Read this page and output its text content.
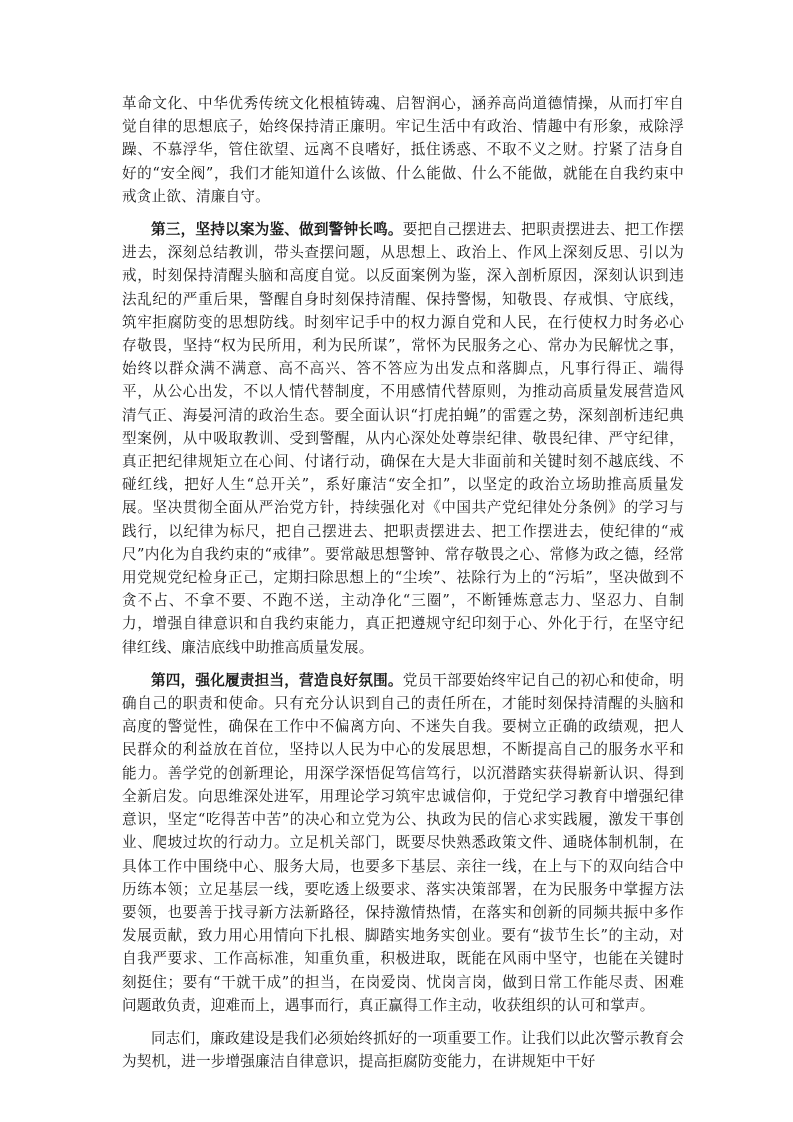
革命文化、中华优秀传统文化根植铸魂、启智润心，涵养高尚道德情操，从而打牢自觉自律的思想底子，始终保持清正廉明。牢记生活中有政治、情趣中有形象，戒除浮躁、不慕浮华，管住欲望、远离不良嗜好，抵住诱惑、不取不义之财。拧紧了洁身自好的“安全阀”，我们才能知道什么该做、什么能做、什么不能做，就能在自我约束中戒贪止欲、清廉自守。

第三，坚持以案为鉴、做到警钟长鸣。要把自己摆进去、把职责摆进去、把工作摆进去，深刻总结教训，带头查摆问题，从思想上、政治上、作风上深刻反思、引以为戒，时刻保持清醒头脑和高度自觉。以反面案例为鉴，深入剖析原因，深刻认识到违法乱纪的严重后果，警醒自身时刻保持清醒、保持警惕，知敬畏、存戒惧、守底线，筑牢拒腐防变的思想防线。时刻牢记手中的权力源自党和人民，在行使权力时务必心存敬畏，坚持“权为民所用，利为民所谋”，常怀为民服务之心、常办为民解忧之事，始终以群众满不满意、高不高兴、答不答应为出发点和落脚点，凡事行得正、端得平，从公心出发，不以人情代替制度，不用感情代替原则，为推动高质量发展营造风清气正、海晏河清的政治生态。要全面认识“打虎拍蝇”的雷霆之势，深刻剖析违纪典型案例，从中吸取教训、受到警醒，从内心深处处尊崇纪律、敬畏纪律、严守纪律，真正把纪律规矩立在心间、付诸行动，确保在大是大非面前和关键时刻不越底线、不碰红线，把好人生“总开关”，系好廉洁“安全扣”，以坚定的政治立场助推高质量发展。坚决贯彻全面从严治党方针，持续强化对《中国共产党纪律处分条例》的学习与践行，以纪律为标尺，把自己摆进去、把职责摆进去、把工作摆进去，使纪律的“戒尺”内化为自我约束的“戒律”。要常敲思想警钟、常存敬畏之心、常修为政之德，经常用党规党纪检身正己，定期扫除思想上的“尘埃”、祛除行为上的“污垢”，坚决做到不贪不占、不拿不要、不跑不送，主动净化“三圈”，不断锤炼意志力、坚忍力、自制力，增强自律意识和自我约束能力，真正把遵规守纪印刻于心、外化于行，在坚守纪律红线、廉洁底线中助推高质量发展。

第四，强化履责担当，营造良好氛围。党员干部要始终牢记自己的初心和使命，明确自己的职责和使命。只有充分认识到自己的责任所在，才能时刻保持清醒的头脑和高度的警觉性，确保在工作中不偏离方向、不迷失自我。要树立正确的政绩观，把人民群众的利益放在首位，坚持以人民为中心的发展思想，不断提高自己的服务水平和能力。善学党的创新理论，用深学深悟促笃信笃行，以沉潜踏实获得崭新认识、得到全新启发。向思维深处进军，用理论学习筑牢忠诚信仰，于党纪学习教育中增强纪律意识，坚定“吃得苦中苦”的决心和立党为公、执政为民的信心求实践履，激发干事创业、爬坡过坎的行动力。立足机关部门，既要尽快熟悉政策文件、通晓体制机制，在具体工作中围绕中心、服务大局，也要多下基层、亲往一线，在上与下的双向结合中历练本领；立足基层一线，要吃透上级要求、落实决策部署，在为民服务中掌握方法要领，也要善于找寻新方法新路径，保持激情热情，在落实和创新的同频共振中多作发展贡献，致力用心用情向下扎根、脚踏实地务实创业。要有“拔节生长”的主动，对自我严要求、工作高标准，知重负重，积极进取，既能在风雨中坚守，也能在关键时刻挺住；要有“干就干成”的担当，在岗爱岗、忧岗言岗，做到日常工作能尽责、困难问题敢负责，迎难而上，遇事而行，真正赢得工作主动，收获组织的认可和掌声。

同志们，廉政建设是我们必须始终抓好的一项重要工作。让我们以此次警示教育会为契机，进一步增强廉洁自律意识，提高拒腐防变能力，在讲规矩中干好
